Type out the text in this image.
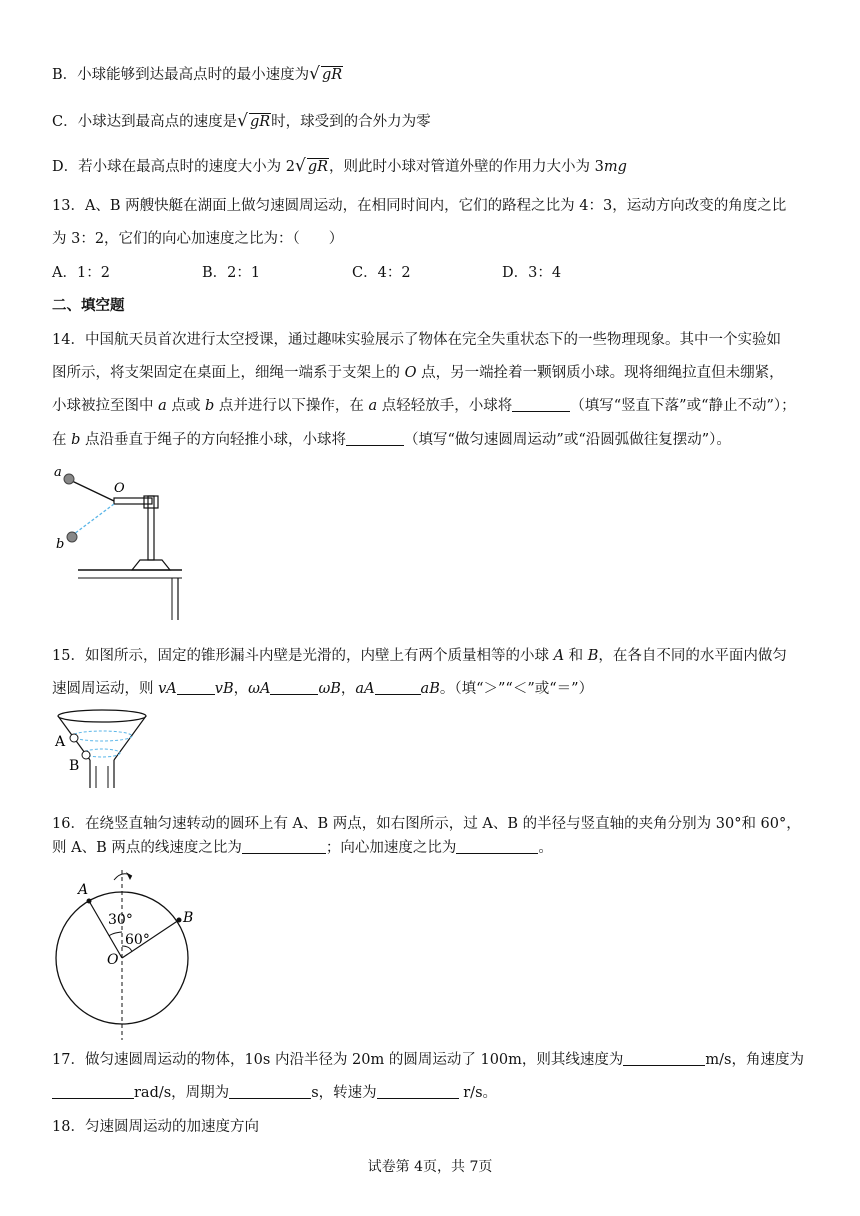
B．小球能够到达最高点时的最小速度为√ gR
C．小球达到最高点的速度是√ gR时，球受到的合外力为零
D．若小球在最高点时的速度大小为 2√ gR，则此时小球对管道外壁的作用力大小为 3mg
13．A、B 两艘快艇在湖面上做匀速圆周运动，在相同时间内，它们的路程之比为 4：3，运动方向改变的角度之比
为 3：2，它们的向心加速度之比为：（　　）
A．1：2	B．2：1	C．4：2	D．3：4
二、填空题
14．中国航天员首次进行太空授课，通过趣味实验展示了物体在完全失重状态下的一些物理现象。其中一个实验如
图所示，将支架固定在桌面上，细绳一端系于支架上的 O 点，另一端拴着一颗钢质小球。现将细绳拉直但未绷紧，
小球被拉至图中 a 点或 b 点并进行以下操作，在 a 点轻轻放手，小球将	（填写“竖直下落”或“静止不动”）；
在 b 点沿垂直于绳子的方向轻推小球，小球将	（填写“做匀速圆周运动”或“沿圆弧做往复摆动”）。
a
b
O
15．如图所示，固定的锥形漏斗内壁是光滑的，内壁上有两个质量相等的小球 A 和 B，在各自不同的水平面内做匀
速圆周运动，则 vA	vB，ωA	ωB，aA	aB。（填“＞”“＜”或“＝”）
A
B
16．在绕竖直轴匀速转动的圆环上有 A、B 两点，如右图所示，过 A、B 的半径与竖直轴的夹角分别为 30°和 60°，
则 A、B 两点的线速度之比为	；向心加速度之比为	。
A
B
O
30°
60°
17．做匀速圆周运动的物体，10s 内沿半径为 20m 的圆周运动了 100m，则其线速度为	m/s，角速度为
rad/s，周期为	s，转速为	r/s。
18．匀速圆周运动的加速度方向
试卷第 4页，共 7页
